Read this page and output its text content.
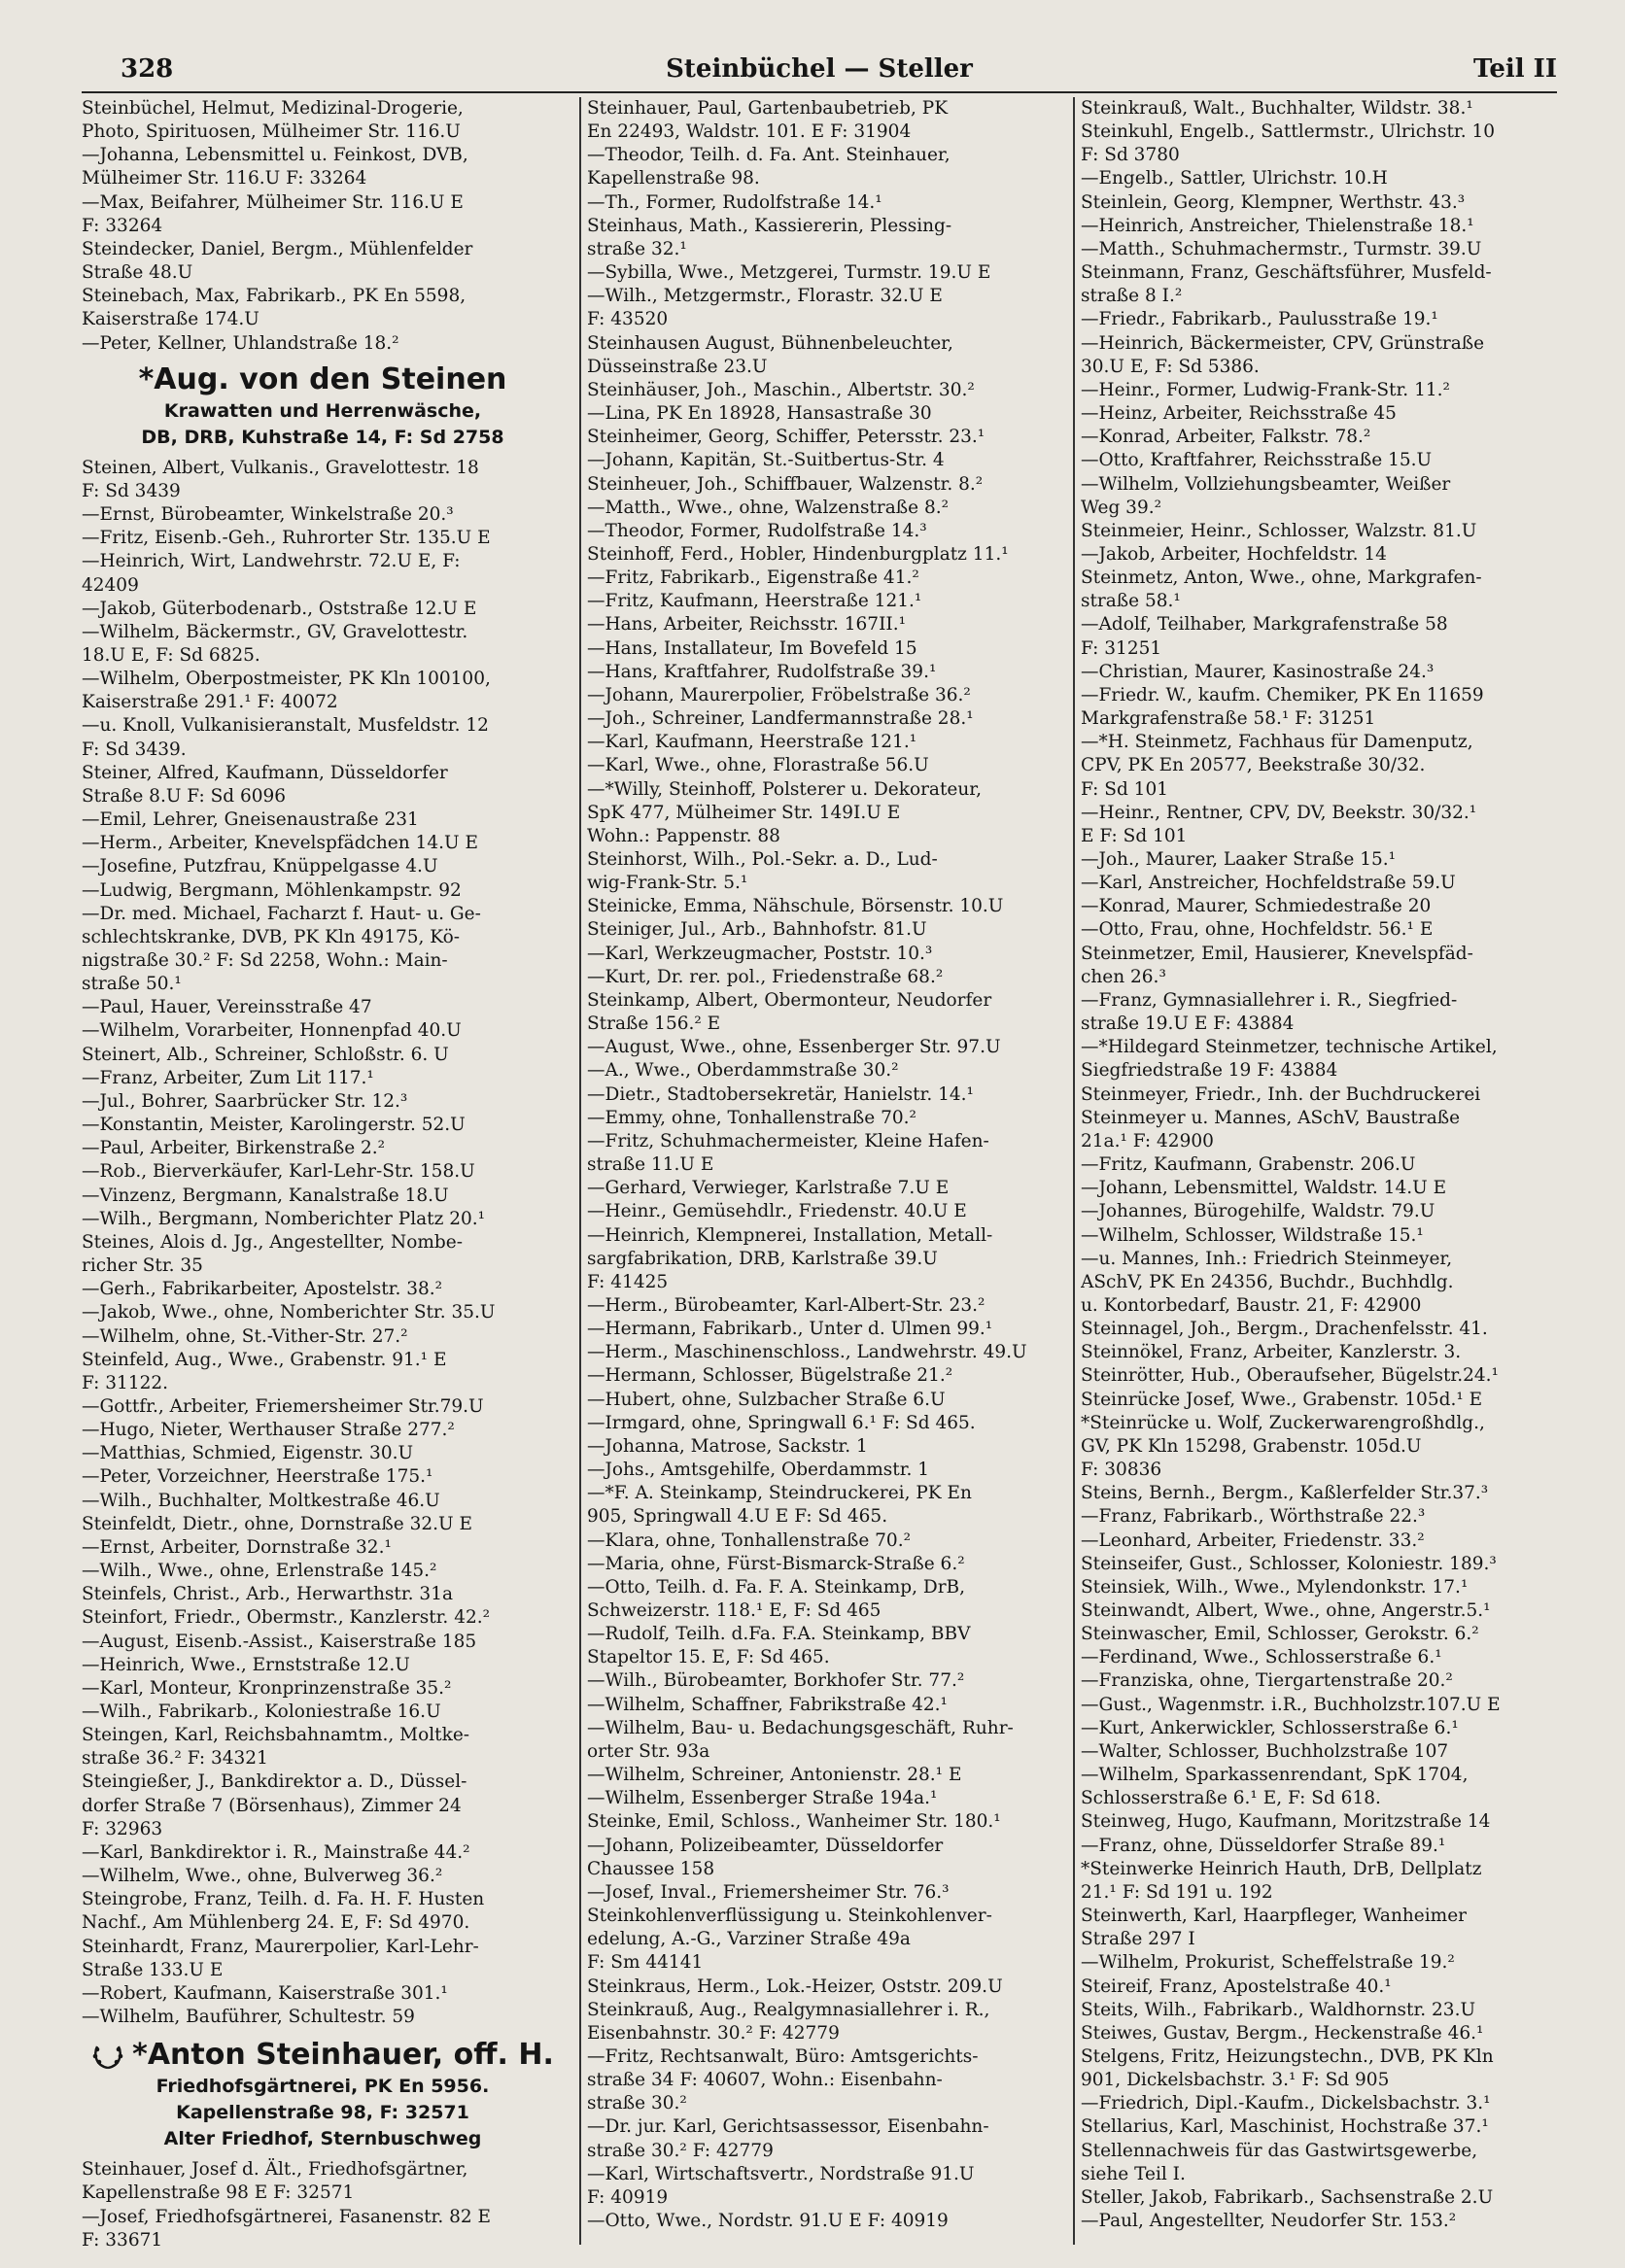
328	Steinbüchel — Steller	Teil II
Steinbüchel, Helmut, Medizinal-Drogerie,
Photo, Spirituosen, Mülheimer Str. 116.U
—Johanna, Lebensmittel u. Feinkost, DVB,
Mülheimer Str. 116.U F: 33264
—Max, Beifahrer, Mülheimer Str. 116.U E
F: 33264
Steindecker, Daniel, Bergm., Mühlenfelder
Straße 48.U
Steinebach, Max, Fabrikarb., PK En 5598,
Kaiserstraße 174.U
—Peter, Kellner, Uhlandstraße 18.²
*Aug. von den Steinen
Krawatten und Herrenwäsche,
DB, DRB, Kuhstraße 14, F: Sd 2758
Steinen, Albert, Vulkanis., Gravelottestr. 18
F: Sd 3439
—Ernst, Bürobeamter, Winkelstraße 20.³
—Fritz, Eisenb.-Geh., Ruhrorter Str. 135.U E
—Heinrich, Wirt, Landwehrstr. 72.U E, F:
42409
—Jakob, Güterbodenarb., Oststraße 12.U E
—Wilhelm, Bäckermstr., GV, Gravelottestr.
18.U E, F: Sd 6825.
—Wilhelm, Oberpostmeister, PK Kln 100100,
Kaiserstraße 291.¹ F: 40072
—u. Knoll, Vulkanisieranstalt, Musfeldstr. 12
F: Sd 3439.
Steiner, Alfred, Kaufmann, Düsseldorfer
Straße 8.U F: Sd 6096
—Emil, Lehrer, Gneisenaustraße 231
—Herm., Arbeiter, Knevelspfädchen 14.U E
—Josefine, Putzfrau, Knüppelgasse 4.U
—Ludwig, Bergmann, Möhlenkampstr. 92
—Dr. med. Michael, Facharzt f. Haut- u. Ge-
schlechtskranke, DVB, PK Kln 49175, Kö-
nigstraße 30.² F: Sd 2258, Wohn.: Main-
straße 50.¹
—Paul, Hauer, Vereinsstraße 47
—Wilhelm, Vorarbeiter, Honnenpfad 40.U
Steinert, Alb., Schreiner, Schloßstr. 6. U
—Franz, Arbeiter, Zum Lit 117.¹
—Jul., Bohrer, Saarbrücker Str. 12.³
—Konstantin, Meister, Karolingerstr. 52.U
—Paul, Arbeiter, Birkenstraße 2.²
—Rob., Bierverkäufer, Karl-Lehr-Str. 158.U
—Vinzenz, Bergmann, Kanalstraße 18.U
—Wilh., Bergmann, Nomberichter Platz 20.¹
Steines, Alois d. Jg., Angestellter, Nombe-
richer Str. 35
—Gerh., Fabrikarbeiter, Apostelstr. 38.²
—Jakob, Wwe., ohne, Nomberichter Str. 35.U
—Wilhelm, ohne, St.-Vither-Str. 27.²
Steinfeld, Aug., Wwe., Grabenstr. 91.¹ E
F: 31122.
—Gottfr., Arbeiter, Friemersheimer Str.79.U
—Hugo, Nieter, Werthauser Straße 277.²
—Matthias, Schmied, Eigenstr. 30.U
—Peter, Vorzeichner, Heerstraße 175.¹
—Wilh., Buchhalter, Moltkestraße 46.U
Steinfeldt, Dietr., ohne, Dornstraße 32.U E
—Ernst, Arbeiter, Dornstraße 32.¹
—Wilh., Wwe., ohne, Erlenstraße 145.²
Steinfels, Christ., Arb., Herwarthstr. 31a
Steinfort, Friedr., Obermstr., Kanzlerstr. 42.²
—August, Eisenb.-Assist., Kaiserstraße 185
—Heinrich, Wwe., Ernststraße 12.U
—Karl, Monteur, Kronprinzenstraße 35.²
—Wilh., Fabrikarb., Koloniestraße 16.U
Steingen, Karl, Reichsbahnamtm., Moltke-
straße 36.² F: 34321
Steingießer, J., Bankdirektor a. D., Düssel-
dorfer Straße 7 (Börsenhaus), Zimmer 24
F: 32963
—Karl, Bankdirektor i. R., Mainstraße 44.²
—Wilhelm, Wwe., ohne, Bulverweg 36.²
Steingrobe, Franz, Teilh. d. Fa. H. F. Husten
Nachf., Am Mühlenberg 24. E, F: Sd 4970.
Steinhardt, Franz, Maurerpolier, Karl-Lehr-
Straße 133.U E
—Robert, Kaufmann, Kaiserstraße 301.¹
—Wilhelm, Bauführer, Schultestr. 59
*Anton Steinhauer, off. H.
Friedhofsgärtnerei, PK En 5956.
Kapellenstraße 98, F: 32571
Alter Friedhof, Sternbuschweg
Steinhauer, Josef d. Ält., Friedhofsgärtner,
Kapellenstraße 98 E F: 32571
—Josef, Friedhofsgärtnerei, Fasanenstr. 82 E
F: 33671
Steinhauer, Paul, Gartenbaubetrieb, PK
En 22493, Waldstr. 101. E F: 31904
—Theodor, Teilh. d. Fa. Ant. Steinhauer,
Kapellenstraße 98.
—Th., Former, Rudolfstraße 14.¹
Steinhaus, Math., Kassiererin, Plessing-
straße 32.¹
—Sybilla, Wwe., Metzgerei, Turmstr. 19.U E
—Wilh., Metzgermstr., Florastr. 32.U E
F: 43520
Steinhausen August, Bühnenbeleuchter,
Düsseinstraße 23.U
Steinhäuser, Joh., Maschin., Albertstr. 30.²
—Lina, PK En 18928, Hansastraße 30
Steinheimer, Georg, Schiffer, Petersstr. 23.¹
—Johann, Kapitän, St.-Suitbertus-Str. 4
Steinheuer, Joh., Schiffbauer, Walzenstr. 8.²
—Matth., Wwe., ohne, Walzenstraße 8.²
—Theodor, Former, Rudolfstraße 14.³
Steinhoff, Ferd., Hobler, Hindenburgplatz 11.¹
—Fritz, Fabrikarb., Eigenstraße 41.²
—Fritz, Kaufmann, Heerstraße 121.¹
—Hans, Arbeiter, Reichsstr. 167II.¹
—Hans, Installateur, Im Bovefeld 15
—Hans, Kraftfahrer, Rudolfstraße 39.¹
—Johann, Maurerpolier, Fröbelstraße 36.²
—Joh., Schreiner, Landfermannstraße 28.¹
—Karl, Kaufmann, Heerstraße 121.¹
—Karl, Wwe., ohne, Florastraße 56.U
—*Willy, Steinhoff, Polsterer u. Dekorateur,
SpK 477, Mülheimer Str. 149I.U E
Wohn.: Pappenstr. 88
Steinhorst, Wilh., Pol.-Sekr. a. D., Lud-
wig-Frank-Str. 5.¹
Steinicke, Emma, Nähschule, Börsenstr. 10.U
Steiniger, Jul., Arb., Bahnhofstr. 81.U
—Karl, Werkzeugmacher, Poststr. 10.³
—Kurt, Dr. rer. pol., Friedenstraße 68.²
Steinkamp, Albert, Obermonteur, Neudorfer
Straße 156.² E
—August, Wwe., ohne, Essenberger Str. 97.U
—A., Wwe., Oberdammstraße 30.²
—Dietr., Stadtobersekretär, Hanielstr. 14.¹
—Emmy, ohne, Tonhallenstraße 70.²
—Fritz, Schuhmachermeister, Kleine Hafen-
straße 11.U E
—Gerhard, Verwieger, Karlstraße 7.U E
—Heinr., Gemüsehdlr., Friedenstr. 40.U E
—Heinrich, Klempnerei, Installation, Metall-
sargfabrikation, DRB, Karlstraße 39.U
F: 41425
—Herm., Bürobeamter, Karl-Albert-Str. 23.²
—Hermann, Fabrikarb., Unter d. Ulmen 99.¹
—Herm., Maschinenschloss., Landwehrstr. 49.U
—Hermann, Schlosser, Bügelstraße 21.²
—Hubert, ohne, Sulzbacher Straße 6.U
—Irmgard, ohne, Springwall 6.¹ F: Sd 465.
—Johanna, Matrose, Sackstr. 1
—Johs., Amtsgehilfe, Oberdammstr. 1
—*F. A. Steinkamp, Steindruckerei, PK En
905, Springwall 4.U E F: Sd 465.
—Klara, ohne, Tonhallenstraße 70.²
—Maria, ohne, Fürst-Bismarck-Straße 6.²
—Otto, Teilh. d. Fa. F. A. Steinkamp, DrB,
Schweizerstr. 118.¹ E, F: Sd 465
—Rudolf, Teilh. d.Fa. F.A. Steinkamp, BBV
Stapeltor 15. E, F: Sd 465.
—Wilh., Bürobeamter, Borkhofer Str. 77.²
—Wilhelm, Schaffner, Fabrikstraße 42.¹
—Wilhelm, Bau- u. Bedachungsgeschäft, Ruhr-
orter Str. 93a
—Wilhelm, Schreiner, Antonienstr. 28.¹ E
—Wilhelm, Essenberger Straße 194a.¹
Steinke, Emil, Schloss., Wanheimer Str. 180.¹
—Johann, Polizeibeamter, Düsseldorfer
Chaussee 158
—Josef, Inval., Friemersheimer Str. 76.³
Steinkohlenverflüssigung u. Steinkohlenver-
edelung, A.-G., Varziner Straße 49a
F: Sm 44141
Steinkraus, Herm., Lok.-Heizer, Oststr. 209.U
Steinkrauß, Aug., Realgymnasiallehrer i. R.,
Eisenbahnstr. 30.² F: 42779
—Fritz, Rechtsanwalt, Büro: Amtsgerichts-
straße 34 F: 40607, Wohn.: Eisenbahn-
straße 30.²
—Dr. jur. Karl, Gerichtsassessor, Eisenbahn-
straße 30.² F: 42779
—Karl, Wirtschaftsvertr., Nordstraße 91.U
F: 40919
—Otto, Wwe., Nordstr. 91.U E F: 40919
Steinkrauß, Walt., Buchhalter, Wildstr. 38.¹
Steinkuhl, Engelb., Sattlermstr., Ulrichstr. 10
F: Sd 3780
—Engelb., Sattler, Ulrichstr. 10.H
Steinlein, Georg, Klempner, Werthstr. 43.³
—Heinrich, Anstreicher, Thielenstraße 18.¹
—Matth., Schuhmachermstr., Turmstr. 39.U
Steinmann, Franz, Geschäftsführer, Musfeld-
straße 8 I.²
—Friedr., Fabrikarb., Paulusstraße 19.¹
—Heinrich, Bäckermeister, CPV, Grünstraße
30.U E, F: Sd 5386.
—Heinr., Former, Ludwig-Frank-Str. 11.²
—Heinz, Arbeiter, Reichsstraße 45
—Konrad, Arbeiter, Falkstr. 78.²
—Otto, Kraftfahrer, Reichsstraße 15.U
—Wilhelm, Vollziehungsbeamter, Weißer
Weg 39.²
Steinmeier, Heinr., Schlosser, Walzstr. 81.U
—Jakob, Arbeiter, Hochfeldstr. 14
Steinmetz, Anton, Wwe., ohne, Markgrafen-
straße 58.¹
—Adolf, Teilhaber, Markgrafenstraße 58
F: 31251
—Christian, Maurer, Kasinostraße 24.³
—Friedr. W., kaufm. Chemiker, PK En 11659
Markgrafenstraße 58.¹ F: 31251
—*H. Steinmetz, Fachhaus für Damenputz,
CPV, PK En 20577, Beekstraße 30/32.
F: Sd 101
—Heinr., Rentner, CPV, DV, Beekstr. 30/32.¹
E F: Sd 101
—Joh., Maurer, Laaker Straße 15.¹
—Karl, Anstreicher, Hochfeldstraße 59.U
—Konrad, Maurer, Schmiedestraße 20
—Otto, Frau, ohne, Hochfeldstr. 56.¹ E
Steinmetzer, Emil, Hausierer, Knevelspfäd-
chen 26.³
—Franz, Gymnasiallehrer i. R., Siegfried-
straße 19.U E F: 43884
—*Hildegard Steinmetzer, technische Artikel,
Siegfriedstraße 19 F: 43884
Steinmeyer, Friedr., Inh. der Buchdruckerei
Steinmeyer u. Mannes, ASchV, Baustraße
21a.¹ F: 42900
—Fritz, Kaufmann, Grabenstr. 206.U
—Johann, Lebensmittel, Waldstr. 14.U E
—Johannes, Bürogehilfe, Waldstr. 79.U
—Wilhelm, Schlosser, Wildstraße 15.¹
—u. Mannes, Inh.: Friedrich Steinmeyer,
ASchV, PK En 24356, Buchdr., Buchhdlg.
u. Kontorbedarf, Baustr. 21, F: 42900
Steinnagel, Joh., Bergm., Drachenfelsstr. 41.
Steinnökel, Franz, Arbeiter, Kanzlerstr. 3.
Steinrötter, Hub., Oberaufseher, Bügelstr.24.¹
Steinrücke Josef, Wwe., Grabenstr. 105d.¹ E
*Steinrücke u. Wolf, Zuckerwarengroßhdlg.,
GV, PK Kln 15298, Grabenstr. 105d.U
F: 30836
Steins, Bernh., Bergm., Kaßlerfelder Str.37.³
—Franz, Fabrikarb., Wörthstraße 22.³
—Leonhard, Arbeiter, Friedenstr. 33.²
Steinseifer, Gust., Schlosser, Koloniestr. 189.³
Steinsiek, Wilh., Wwe., Mylendonkstr. 17.¹
Steinwandt, Albert, Wwe., ohne, Angerstr.5.¹
Steinwascher, Emil, Schlosser, Gerokstr. 6.²
—Ferdinand, Wwe., Schlosserstraße 6.¹
—Franziska, ohne, Tiergartenstraße 20.²
—Gust., Wagenmstr. i.R., Buchholzstr.107.U E
—Kurt, Ankerwickler, Schlosserstraße 6.¹
—Walter, Schlosser, Buchholzstraße 107
—Wilhelm, Sparkassenrendant, SpK 1704,
Schlosserstraße 6.¹ E, F: Sd 618.
Steinweg, Hugo, Kaufmann, Moritzstraße 14
—Franz, ohne, Düsseldorfer Straße 89.¹
*Steinwerke Heinrich Hauth, DrB, Dellplatz
21.¹ F: Sd 191 u. 192
Steinwerth, Karl, Haarpfleger, Wanheimer
Straße 297 I
—Wilhelm, Prokurist, Scheffelstraße 19.²
Steireif, Franz, Apostelstraße 40.¹
Steits, Wilh., Fabrikarb., Waldhornstr. 23.U
Steiwes, Gustav, Bergm., Heckenstraße 46.¹
Stelgens, Fritz, Heizungstechn., DVB, PK Kln
901, Dickelsbachstr. 3.¹ F: Sd 905
—Friedrich, Dipl.-Kaufm., Dickelsbachstr. 3.¹
Stellarius, Karl, Maschinist, Hochstraße 37.¹
Stellennachweis für das Gastwirtsgewerbe,
siehe Teil I.
Steller, Jakob, Fabrikarb., Sachsenstraße 2.U
—Paul, Angestellter, Neudorfer Str. 153.²
